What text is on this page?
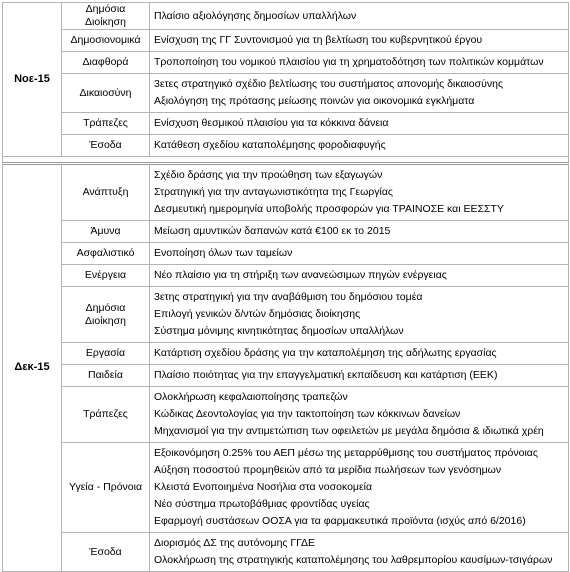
Νοε-15	Δημόσια Διοίκηση	Πλαίσιο αξιολόγησης δημοσίων υπαλλήλων

	Δημοσιονομικά	Ενίσχυση της ΓΓ Συντονισμού για τη βελτίωση του κυβερνητικού έργου

	Διαφθορά	Τροποποίηση του νομικού πλαισίου για τη χρηματοδότηση των πολιτικών κομμάτων

	Δικαιοσύνη	3ετες στρατηγικό σχέδιο βελτίωσης του συστήματος απονομής δικαιοσύνης
Αξιολόγηση της πρότασης μείωσης ποινών για οικονομικά εγκλήματα

	Τράπεζες	Ενίσχυση θεσμικού πλαισίου για τα κόκκινα δάνεια

	Έσοδα	Κατάθεση σχεδίου καταπολέμησης φοροδιαφυγής

Δεκ-15	Ανάπτυξη	Σχέδιο δράσης για την προώθηση των εξαγωγών
Στρατηγική για την ανταγωνιστικότητα της Γεωργίας
Δεσμευτική ημερομηνία υποβολής προσφορών για ΤΡΑΙΝΟΣΕ και ΕΕΣΣΤΥ

	Άμυνα	Μείωση αμυντικών δαπανών κατά €100 εκ το 2015

	Ασφαλιστικό	Ενοποίηση όλων των ταμείων

	Ενέργεια	Νέο πλαίσιο για τη στήριξη των ανανεώσιμων πηγών ενέργειας

	Δημόσια Διοίκηση	3ετης στρατηγική για την αναβάθμιση του δημόσιου τομέα
Επιλογή γενικών δ/ντών δημόσιας διοίκησης
Σύστημα μόνιμης κινητικότητας δημοσίων υπαλλήλων

	Εργασία	Κατάρτιση σχεδίου δράσης για την καταπολέμηση της αδήλωτης εργασίας

	Παιδεία	Πλαίσιο ποιότητας για την επαγγελματική εκπαίδευση και κατάρτιση (ΕΕΚ)

	Τράπεζες	Ολοκλήρωση κεφαλαιοποίησης τραπεζών
Κώδικας Δεοντολογίας για την τακτοποίηση των κόκκινων δανείων
Μηχανισμοί για την αντιμετώπιση των οφειλετών με μεγάλα δημόσια & ιδιωτικά χρέη

	Υγεία - Πρόνοια	Εξοικονόμηση 0.25% του ΑΕΠ μέσω της μεταρρύθμισης του συστήματος πρόνοιας
Αύξηση ποσοστού προμηθειών από τα μερίδια πωλήσεων των γενόσημων
Κλειστά Ενοποιημένα Νοσήλια στα νοσοκομεία
Νέο σύστημα πρωτοβάθμιας φροντίδας υγείας
Εφαρμογή συστάσεων ΟΟΣΑ για τα φαρμακευτικά προϊόντα (ισχύς από 6/2016)

	Έσοδα	Διορισμός ΔΣ της αυτόνομης ΓΓΔΕ
Ολοκλήρωση της στρατηγικής καταπολέμησης του λαθρεμπορίου καυσίμων-τσιγάρων
